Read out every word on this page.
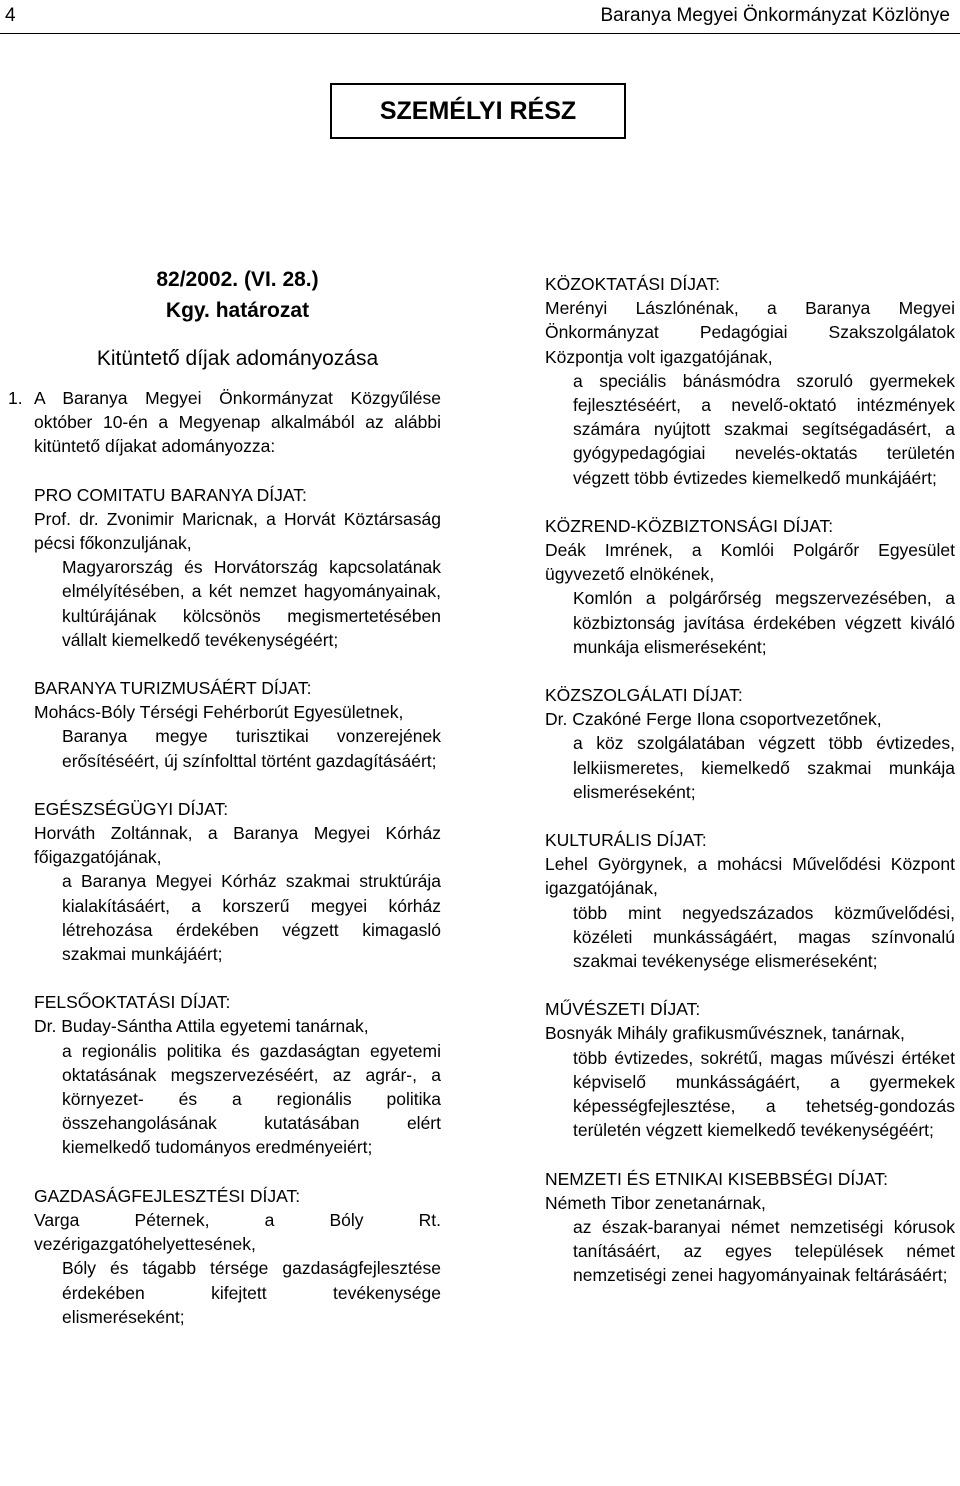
4	Baranya Megyei Önkormányzat Közlönye
SZEMÉLYI RÉSZ
82/2002. (VI. 28.)
Kgy. határozat
Kitüntető díjak adományozása
1. A Baranya Megyei Önkormányzat Közgyűlése október 10-én a Megyenap alkalmából az alábbi kitüntető díjakat adományozza:
PRO COMITATU BARANYA DÍJAT:
Prof. dr. Zvonimir Maricnak, a Horvát Köztársaság pécsi főkonzuljának,
Magyarország és Horvátország kapcsolatának elmélyítésében, a két nemzet hagyományainak, kultúrájának kölcsönös megismertetésében vállalt kiemelkedő tevékenységéért;
BARANYA TURIZMUSÁÉRT DÍJAT:
Mohács-Bóly Térségi Fehérborút Egyesületnek,
Baranya megye turisztikai vonzerejének erősítéséért, új színfolttal történt gazdagításáért;
EGÉSZSÉGÜGYI DÍJAT:
Horváth Zoltánnak, a Baranya Megyei Kórház főigazgatójának,
a Baranya Megyei Kórház szakmai struktúrája kialakításáért, a korszerű megyei kórház létrehozása érdekében végzett kimagasló szakmai munkájáért;
FELSŐOKTATÁSI DÍJAT:
Dr. Buday-Sántha Attila egyetemi tanárnak,
a regionális politika és gazdaságtan egyetemi oktatásának megszervezéséért, az agrár-, a környezet- és a regionális politika összehangolásának kutatásában elért kiemelkedő tudományos eredményeiért;
GAZDASÁGFEJLESZTÉSI DÍJAT:
Varga Péternek, a Bóly Rt. vezérigazgatóhelyettesének,
Bóly és tágabb térsége gazdaságfejlesztése érdekében kifejtett tevékenysége elismeréseként;
KÖZOKTATÁSI DÍJAT:
Merényi Lászlónénak, a Baranya Megyei Önkormányzat Pedagógiai Szakszolgálatok Központja volt igazgatójának,
a speciális bánásmódra szoruló gyermekek fejlesztéséért, a nevelő-oktató intézmények számára nyújtott szakmai segítségadásért, a gyógypedagógiai nevelés-oktatás területén végzett több évtizedes kiemelkedő munkájáért;
KÖZREND-KÖZBIZTONSÁGI DÍJAT:
Deák Imrének, a Komlói Polgárőr Egyesület ügyvezető elnökének,
Komlón a polgárőrség megszervezésében, a közbiztonság javítása érdekében végzett kiváló munkája elismeréseként;
KÖZSZOLGÁLATI DÍJAT:
Dr. Czakóné Ferge Ilona csoportvezetőnek,
a köz szolgálatában végzett több évtizedes, lelkiismeretes, kiemelkedő szakmai munkája elismeréseként;
KULTURÁLIS DÍJAT:
Lehel Györgynek, a mohácsi Művelődési Központ igazgatójának,
több mint negyedszázados közművelődési, közéleti munkásságáért, magas színvonalú szakmai tevékenysége elismeréseként;
MŰVÉSZETI DÍJAT:
Bosnyák Mihály grafikusművésznek, tanárnak,
több évtizedes, sokrétű, magas művészi értéket képviselő munkásságáért, a gyermekek képességfejlesztése, a tehetség-gondozás területén végzett kiemelkedő tevékenységéért;
NEMZETI ÉS ETNIKAI KISEBBSÉGI DÍJAT:
Németh Tibor zenetanárnak,
az észak-baranyai német nemzetiségi kórusok tanításáért, az egyes települések német nemzetiségi zenei hagyományainak feltárásáért;
